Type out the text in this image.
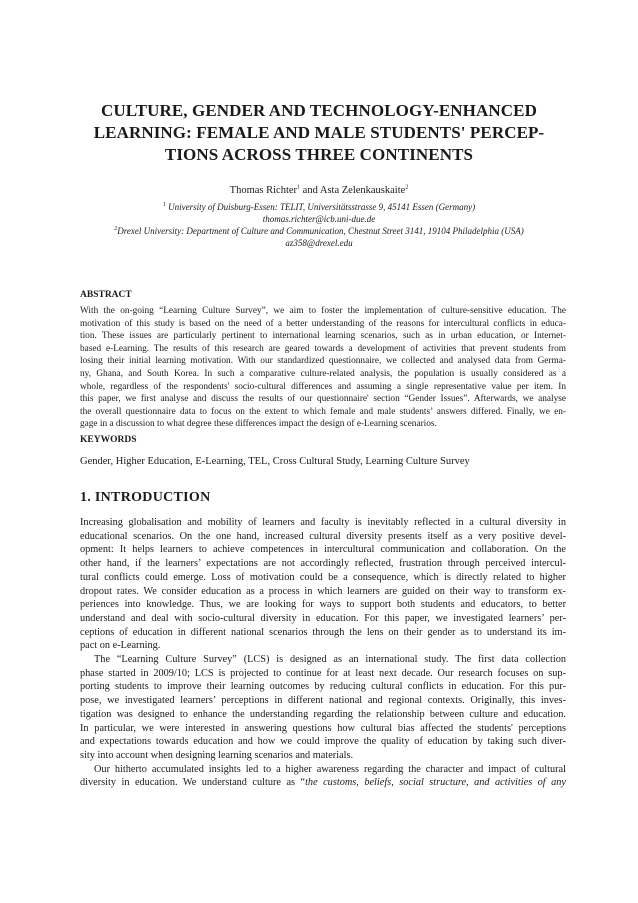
CULTURE, GENDER AND TECHNOLOGY-ENHANCED
LEARNING: FEMALE AND MALE STUDENTS' PERCEP-
TIONS ACROSS THREE CONTINENTS
Thomas Richter$^1$ and Asta Zelenkauskaite$^2$
$^1$ University of Duisburg-Essen: TELIT, Universitätsstrasse 9, 45141 Essen (Germany)
thomas.richter@icb.uni-due.de
$^2$Drexel University: Department of Culture and Communication, Chestnut Street 3141, 19104 Philadelphia (USA)
az358@drexel.edu
ABSTRACT
With the on-going “Learning Culture Survey”, we aim to foster the implementation of culture-sensitive education. The
motivation of this study is based on the need of a better understanding of the reasons for intercultural conflicts in educa-
tion. These issues are particularly pertinent to international learning scenarios, such as in urban education, or Internet-
based e-Learning. The results of this research are geared towards a development of activities that prevent students from
losing their initial learning motivation. With our standardized questionnaire, we collected and analysed data from Germa-
ny, Ghana, and South Korea. In such a comparative culture-related analysis, the population is usually considered as a
whole, regardless of the respondents' socio-cultural differences and assuming a single representative value per item. In
this paper, we first analyse and discuss the results of our questionnaire' section “Gender Issues”. Afterwards, we analyse
the overall questionnaire data to focus on the extent to which female and male students’ answers differed. Finally, we en-
gage in a discussion to what degree these differences impact the design of e-Learning scenarios.
KEYWORDS
Gender, Higher Education, E-Learning, TEL, Cross Cultural Study, Learning Culture Survey
1. INTRODUCTION
Increasing globalisation and mobility of learners and faculty is inevitably reflected in a cultural diversity in
educational scenarios. On the one hand, increased cultural diversity presents itself as a very positive devel-
opment: It helps learners to achieve competences in intercultural communication and collaboration. On the
other hand, if the learners’ expectations are not accordingly reflected, frustration through perceived intercul-
tural conflicts could emerge. Loss of motivation could be a consequence, which is directly related to higher
dropout rates. We consider education as a process in which learners are guided on their way to transform ex-
periences into knowledge. Thus, we are looking for ways to support both students and educators, to better
understand and deal with socio-cultural diversity in education. For this paper, we investigated learners’ per-
ceptions of education in different national scenarios through the lens on their gender as to understand its im-
pact on e-Learning.
The “Learning Culture Survey” (LCS) is designed as an international study. The first data collection
phase started in 2009/10; LCS is projected to continue for at least next decade. Our research focuses on sup-
porting students to improve their learning outcomes by reducing cultural conflicts in education. For this pur-
pose, we investigated learners’ perceptions in different national and regional contexts. Originally, this inves-
tigation was designed to enhance the understanding regarding the relationship between culture and education.
In particular, we were interested in answering questions how cultural bias affected the students' perceptions
and expectations towards education and how we could improve the quality of education by taking such diver-
sity into account when designing learning scenarios and materials.
Our hitherto accumulated insights led to a higher awareness regarding the character and impact of cultural
diversity in education. We understand culture as “the customs, beliefs, social structure, and activities of any
